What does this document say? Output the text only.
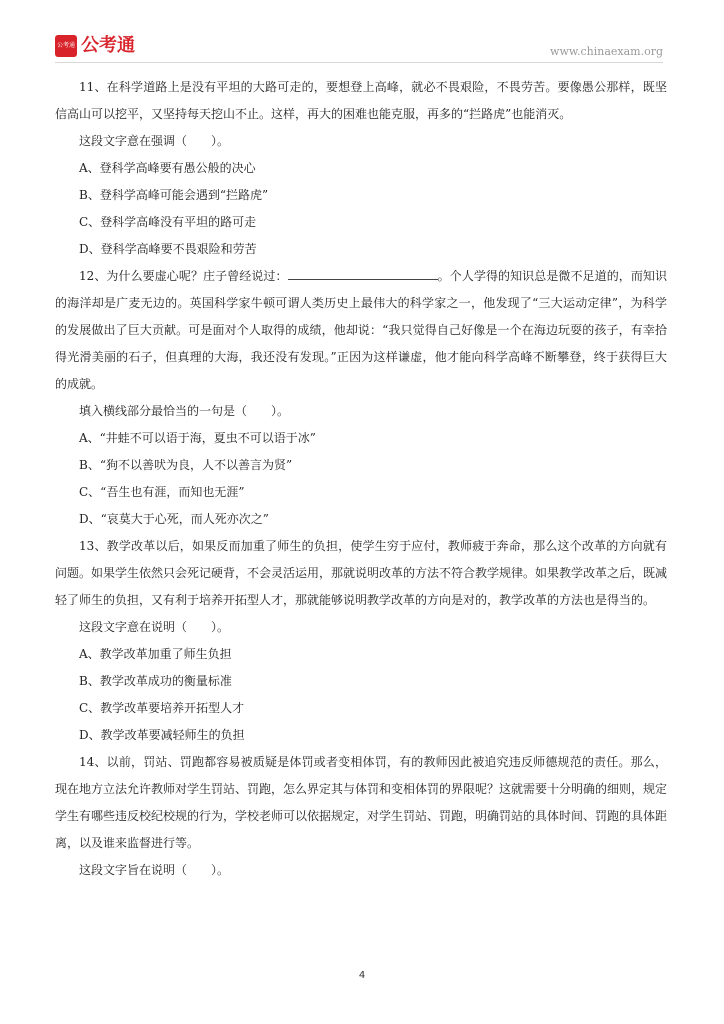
公考通 公考通	www.chinaexam.org

11、在科学道路上是没有平坦的大路可走的，要想登上高峰，就必不畏艰险，不畏劳苦。要像愚公那样，既坚信高山可以挖平，又坚持每天挖山不止。这样，再大的困难也能克服，再多的“拦路虎”也能消灭。

这段文字意在强调（　　）。

A、登科学高峰要有愚公般的决心

B、登科学高峰可能会遇到“拦路虎”

C、登科学高峰没有平坦的路可走

D、登科学高峰要不畏艰险和劳苦

12、为什么要虚心呢？庄子曾经说过：	。个人学得的知识总是微不足道的，而知识的海洋却是广麦无边的。英国科学家牛顿可谓人类历史上最伟大的科学家之一，他发现了“三大运动定律”，为科学的发展做出了巨大贡献。可是面对个人取得的成绩，他却说：“我只觉得自己好像是一个在海边玩耍的孩子，有幸拾得光滑美丽的石子，但真理的大海，我还没有发现。”正因为这样谦虚，他才能向科学高峰不断攀登，终于获得巨大的成就。

填入横线部分最恰当的一句是（　　）。

A、“井蛙不可以语于海，夏虫不可以语于冰”

B、“狗不以善吠为良，人不以善言为贤”

C、“吾生也有涯，而知也无涯”

D、“哀莫大于心死，而人死亦次之”

13、教学改革以后，如果反而加重了师生的负担，使学生穷于应付，教师疲于奔命，那么这个改革的方向就有问题。如果学生依然只会死记硬背，不会灵活运用，那就说明改革的方法不符合教学规律。如果教学改革之后，既减轻了师生的负担，又有利于培养开拓型人才，那就能够说明教学改革的方向是对的，教学改革的方法也是得当的。

这段文字意在说明（　　）。

A、教学改革加重了师生负担

B、教学改革成功的衡量标准

C、教学改革要培养开拓型人才

D、教学改革要减轻师生的负担

14、以前，罚站、罚跑都容易被质疑是体罚或者变相体罚，有的教师因此被追究违反师德规范的责任。那么，现在地方立法允许教师对学生罚站、罚跑，怎么界定其与体罚和变相体罚的界限呢？这就需要十分明确的细则，规定学生有哪些违反校纪校规的行为，学校老师可以依据规定，对学生罚站、罚跑，明确罚站的具体时间、罚跑的具体距离，以及谁来监督进行等。

这段文字旨在说明（　　）。

4
